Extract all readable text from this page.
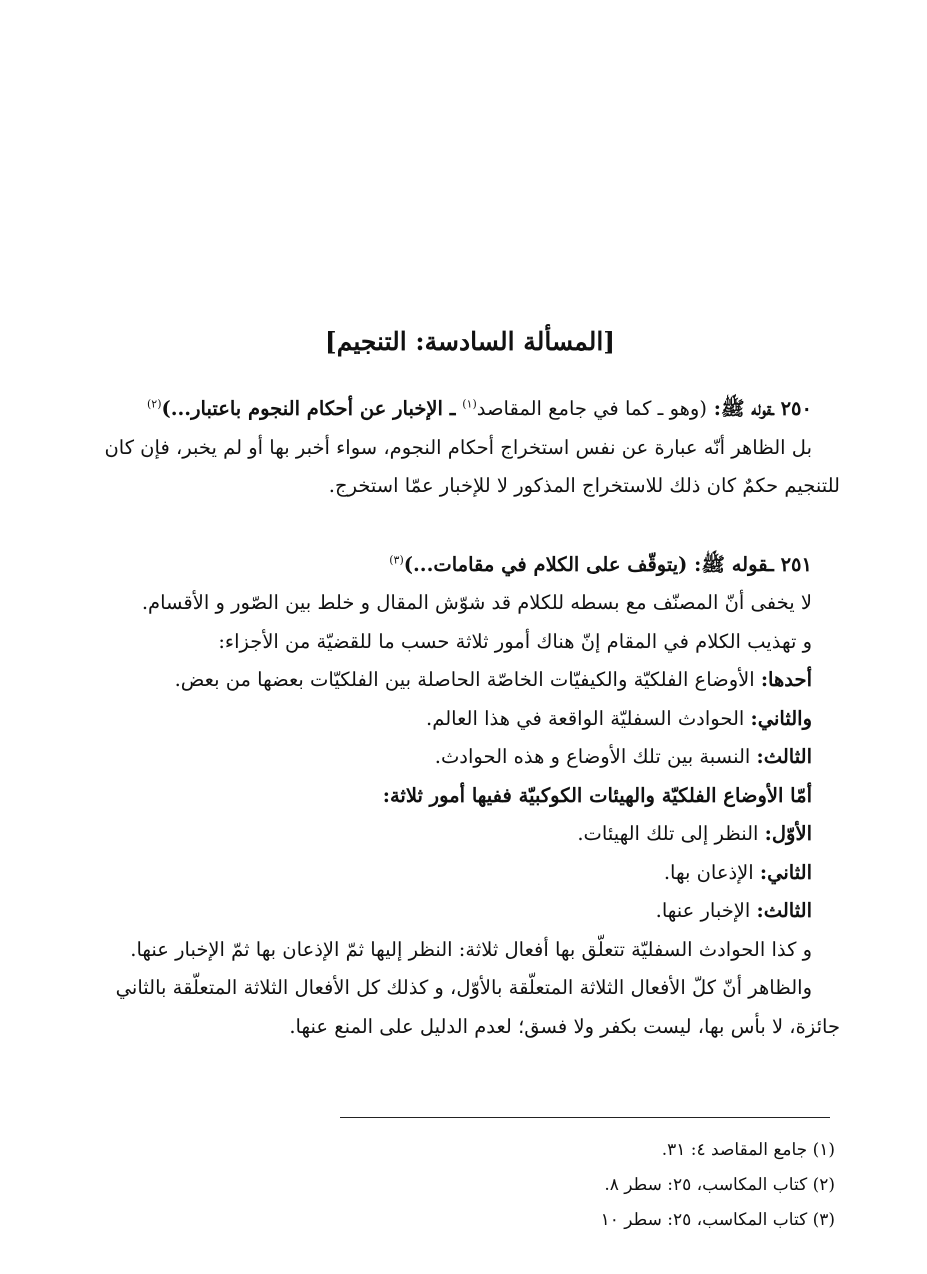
[المسألة السادسة: التنجيم]
٢٥٠ ـقوله ﷺ: (وهو ـ كما في جامع المقاصد$^{(١)}$ ـ الإخبار عن أحكام النجوم باعتبار...)$^{(٢)}$
بل الظاهر أنّه عبارة عن نفس استخراج أحكام النجوم، سواء أخبر بها أو لم يخبر، فإن كان
للتنجيم حكمٌ كان ذلك للاستخراج المذكور لا للإخبار عمّا استخرج.
٢٥١ ـقوله ﷺ: (يتوقّف على الكلام في مقامات...)$^{(٣)}$
لا يخفى أنّ المصنّف مع بسطه للكلام قد شوّش المقال و خلط بين الصّور و الأقسام.
و تهذيب الكلام في المقام إنّ هناك أمور ثلاثة حسب ما للقضيّة من الأجزاء:
أحدها: الأوضاع الفلكيّة والكيفيّات الخاصّة الحاصلة بين الفلكيّات بعضها من بعض.
والثاني: الحوادث السفليّة الواقعة في هذا العالم.
الثالث: النسبة بين تلك الأوضاع و هذه الحوادث.
أمّا الأوضاع الفلكيّة والهيئات الكوكبيّة ففيها أمور ثلاثة:
الأوّل: النظر إلى تلك الهيئات.
الثاني: الإذعان بها.
الثالث: الإخبار عنها.
و كذا الحوادث السفليّة تتعلّق بها أفعال ثلاثة: النظر إليها ثمّ الإذعان بها ثمّ الإخبار عنها.
والظاهر أنّ كلّ الأفعال الثلاثة المتعلّقة بالأوّل، و كذلك كل الأفعال الثلاثة المتعلّقة بالثاني
جائزة، لا بأس بها، ليست بكفر ولا فسق؛ لعدم الدليل على المنع عنها.
(١) جامع المقاصد ٤: ٣١.
(٢) كتاب المكاسب، ٢٥: سطر ٨.
(٣) كتاب المكاسب، ٢٥: سطر ١٠
